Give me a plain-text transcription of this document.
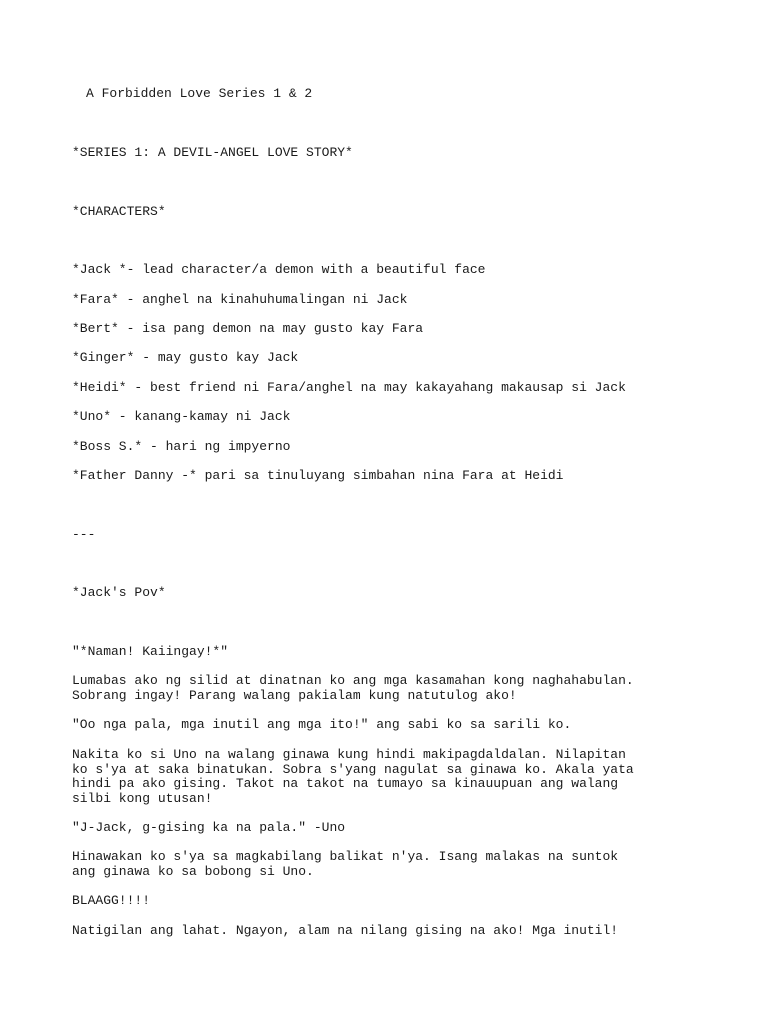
A Forbidden Love Series 1 & 2

*SERIES 1: A DEVIL-ANGEL LOVE STORY*

*CHARACTERS*

*Jack *- lead character/a demon with a beautiful face

*Fara* - anghel na kinahuhumalingan ni Jack

*Bert* - isa pang demon na may gusto kay Fara

*Ginger* - may gusto kay Jack

*Heidi* - best friend ni Fara/anghel na may kakayahang makausap si Jack

*Uno* - kanang-kamay ni Jack

*Boss S.* - hari ng impyerno

*Father Danny -* pari sa tinuluyang simbahan nina Fara at Heidi

---

*Jack's Pov*

"*Naman! Kaiingay!*"

Lumabas ako ng silid at dinatnan ko ang mga kasamahan kong naghahabulan.
Sobrang ingay! Parang walang pakialam kung natutulog ako!

"Oo nga pala, mga inutil ang mga ito!" ang sabi ko sa sarili ko.

Nakita ko si Uno na walang ginawa kung hindi makipagdaldalan. Nilapitan
ko s'ya at saka binatukan. Sobra s'yang nagulat sa ginawa ko. Akala yata
hindi pa ako gising. Takot na takot na tumayo sa kinauupuan ang walang
silbi kong utusan!

"J-Jack, g-gising ka na pala." -Uno

Hinawakan ko s'ya sa magkabilang balikat n'ya. Isang malakas na suntok
ang ginawa ko sa bobong si Uno.

BLAAGG!!!!

Natigilan ang lahat. Ngayon, alam na nilang gising na ako! Mga inutil!
